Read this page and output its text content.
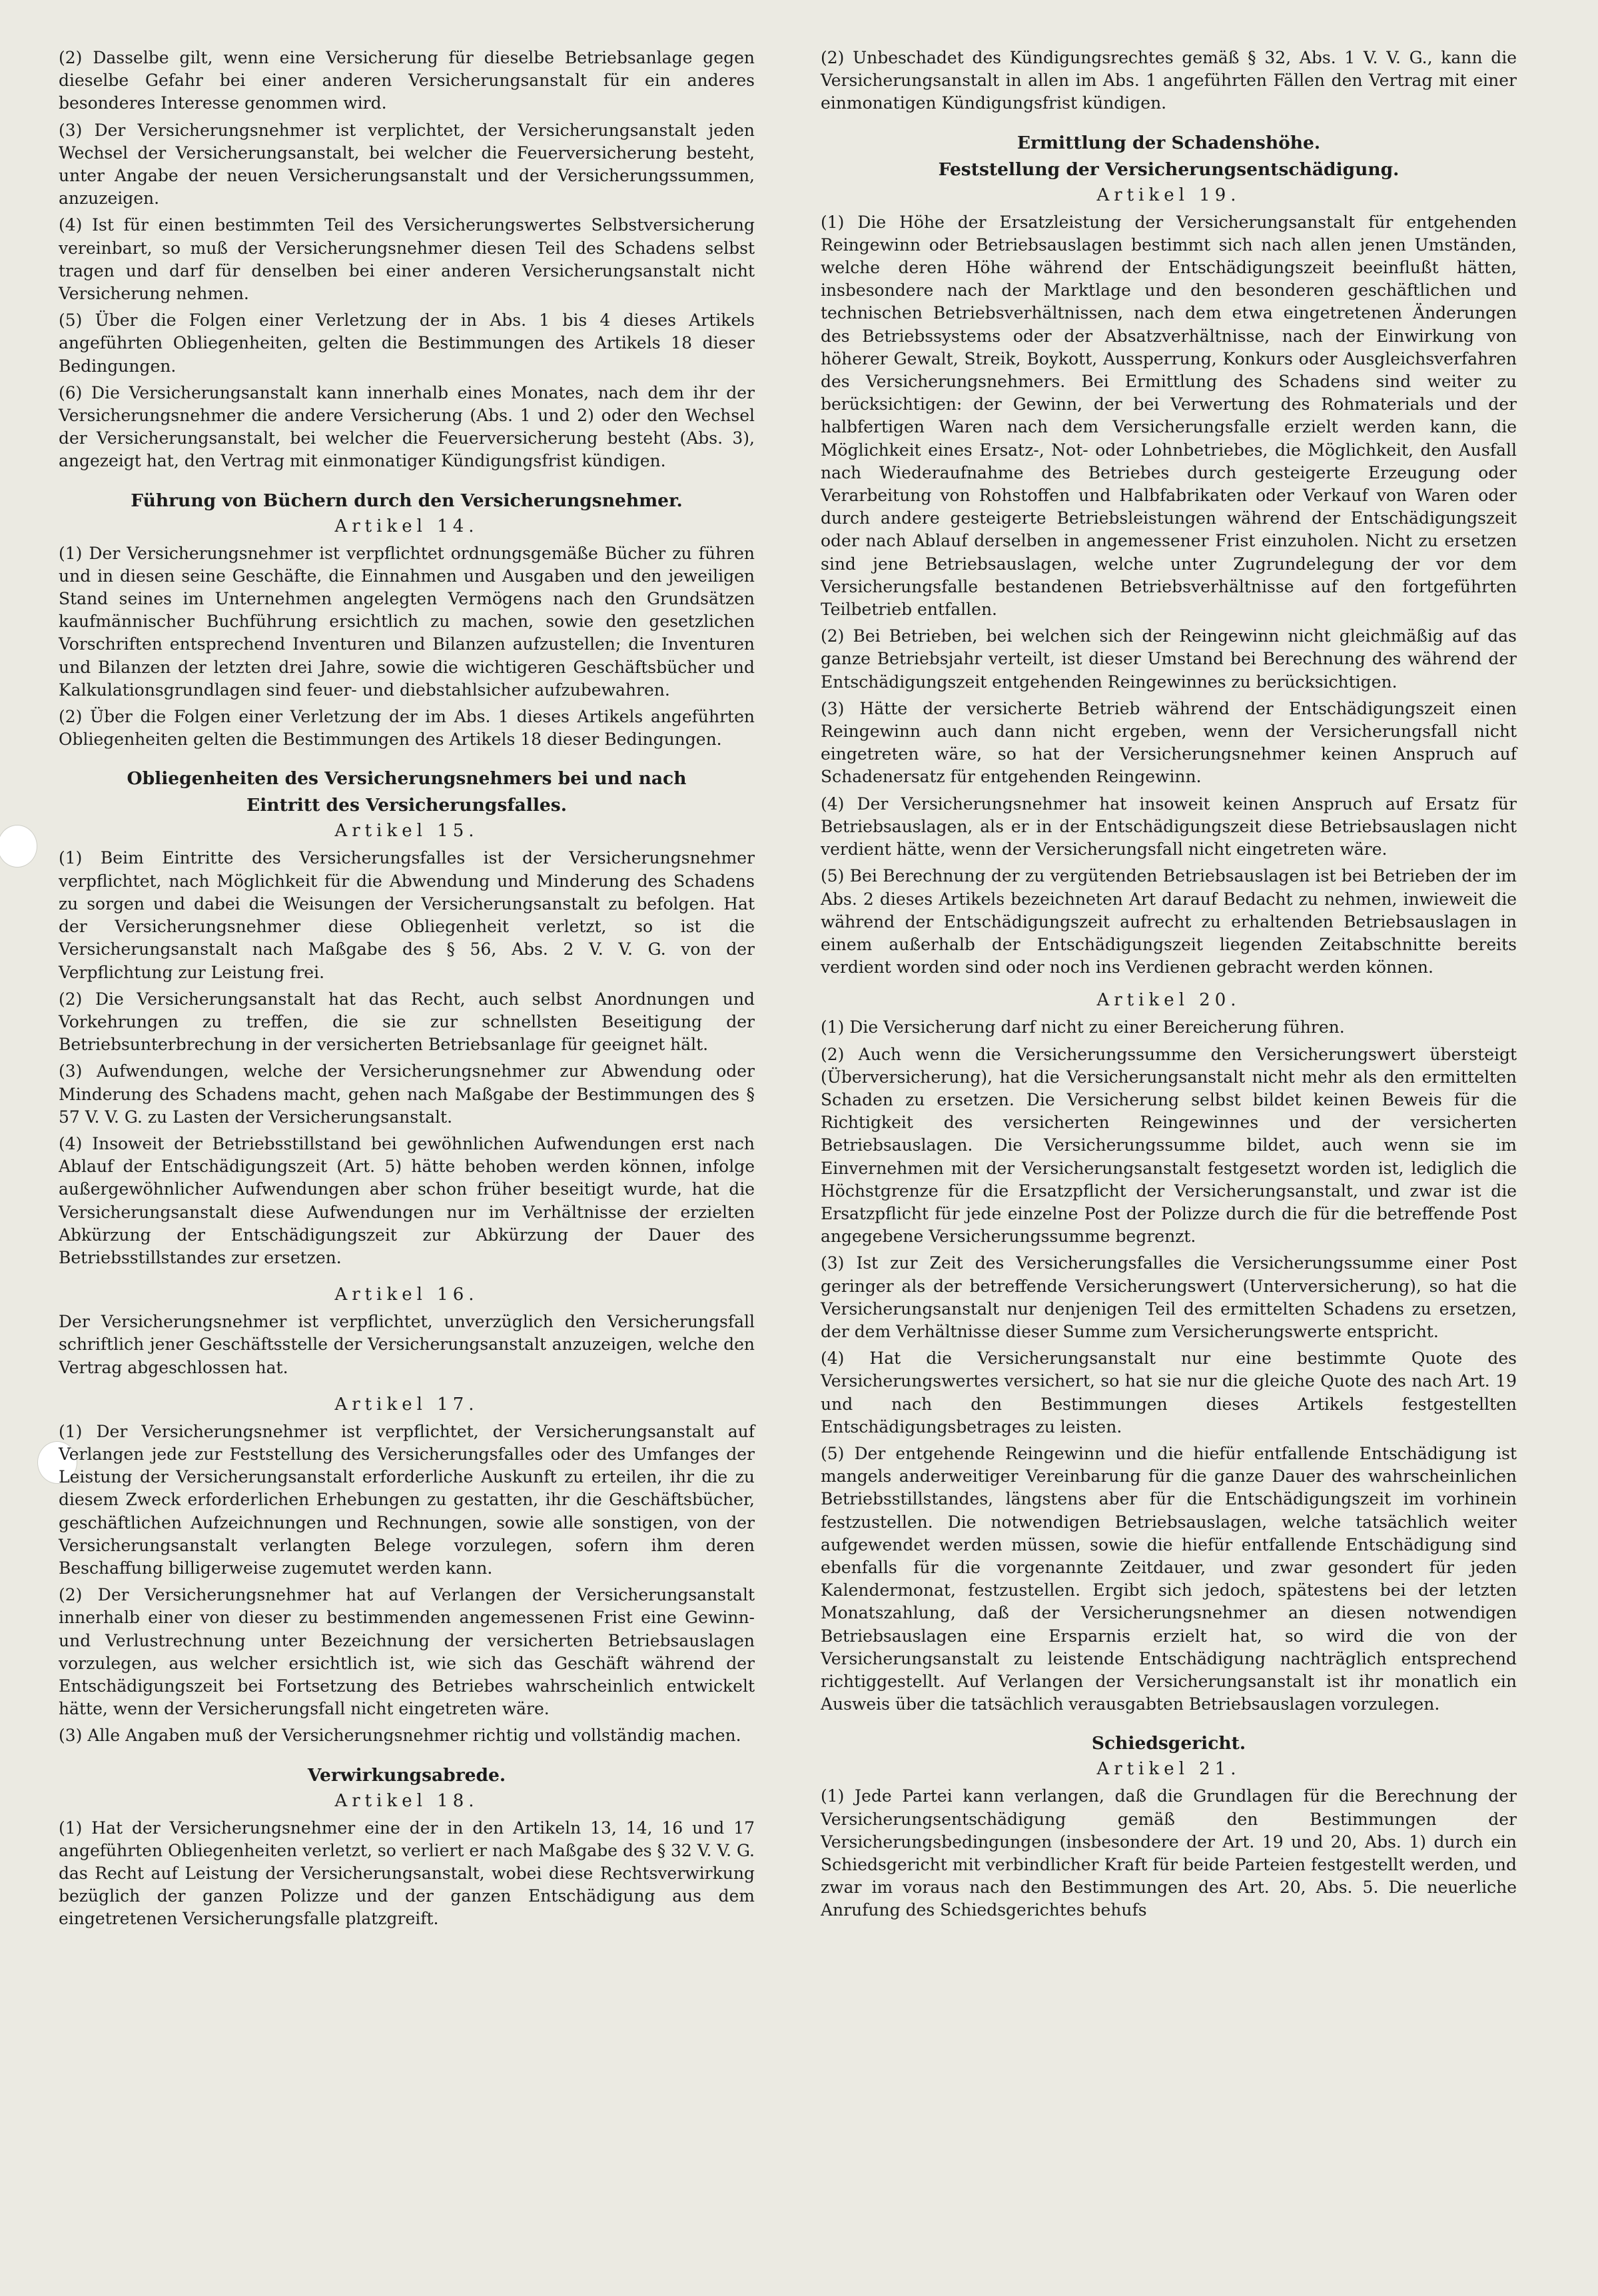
(2) Dasselbe gilt, wenn eine Versicherung für dieselbe Betriebsanlage gegen dieselbe Gefahr bei einer anderen Versicherungsanstalt für ein anderes besonderes Interesse genommen wird.

(3) Der Versicherungsnehmer ist verplichtet, der Versicherungsanstalt jeden Wechsel der Versicherungsanstalt, bei welcher die Feuerversicherung besteht, unter Angabe der neuen Versicherungsanstalt und der Versicherungssummen, anzuzeigen.

(4) Ist für einen bestimmten Teil des Versicherungswertes Selbstversicherung vereinbart, so muß der Versicherungsnehmer diesen Teil des Schadens selbst tragen und darf für denselben bei einer anderen Versicherungsanstalt nicht Versicherung nehmen.

(5) Über die Folgen einer Verletzung der in Abs. 1 bis 4 dieses Artikels angeführten Obliegenheiten, gelten die Bestimmungen des Artikels 18 dieser Bedingungen.

(6) Die Versicherungsanstalt kann innerhalb eines Monates, nach dem ihr der Versicherungsnehmer die andere Versicherung (Abs. 1 und 2) oder den Wechsel der Versicherungsanstalt, bei welcher die Feuerversicherung besteht (Abs. 3), angezeigt hat, den Vertrag mit einmonatiger Kündigungsfrist kündigen.

Führung von Büchern durch den Versicherungsnehmer.
Artikel 14.

(1) Der Versicherungsnehmer ist verpflichtet ordnungsgemäße Bücher zu führen und in diesen seine Geschäfte, die Einnahmen und Ausgaben und den jeweiligen Stand seines im Unternehmen angelegten Vermögens nach den Grundsätzen kaufmännischer Buchführung ersichtlich zu machen, sowie den gesetzlichen Vorschriften entsprechend Inventuren und Bilanzen aufzustellen; die Inventuren und Bilanzen der letzten drei Jahre, sowie die wichtigeren Geschäftsbücher und Kalkulationsgrundlagen sind feuer- und diebstahlsicher aufzubewahren.

(2) Über die Folgen einer Verletzung der im Abs. 1 dieses Artikels angeführten Obliegenheiten gelten die Bestimmungen des Artikels 18 dieser Bedingungen.

Obliegenheiten des Versicherungsnehmers bei und nach
Eintritt des Versicherungsfalles.
Artikel 15.

(1) Beim Eintritte des Versicherungsfalles ist der Versicherungsnehmer verpflichtet, nach Möglichkeit für die Abwendung und Minderung des Schadens zu sorgen und dabei die Weisungen der Versicherungsanstalt zu befolgen. Hat der Versicherungsnehmer diese Obliegenheit verletzt, so ist die Versicherungsanstalt nach Maßgabe des § 56, Abs. 2 V. V. G. von der Verpflichtung zur Leistung frei.

(2) Die Versicherungsanstalt hat das Recht, auch selbst Anordnungen und Vorkehrungen zu treffen, die sie zur schnellsten Beseitigung der Betriebsunterbrechung in der versicherten Betriebsanlage für geeignet hält.

(3) Aufwendungen, welche der Versicherungsnehmer zur Abwendung oder Minderung des Schadens macht, gehen nach Maßgabe der Bestimmungen des § 57 V. V. G. zu Lasten der Versicherungsanstalt.

(4) Insoweit der Betriebsstillstand bei gewöhnlichen Aufwendungen erst nach Ablauf der Entschädigungszeit (Art. 5) hätte behoben werden können, infolge außergewöhnlicher Aufwendungen aber schon früher beseitigt wurde, hat die Versicherungsanstalt diese Aufwendungen nur im Verhältnisse der erzielten Abkürzung der Entschädigungszeit zur Abkürzung der Dauer des Betriebsstillstandes zur ersetzen.

Artikel 16.

Der Versicherungsnehmer ist verpflichtet, unverzüglich den Versicherungsfall schriftlich jener Geschäftsstelle der Versicherungsanstalt anzuzeigen, welche den Vertrag abgeschlossen hat.

Artikel 17.

(1) Der Versicherungsnehmer ist verpflichtet, der Versicherungsanstalt auf Verlangen jede zur Feststellung des Versicherungsfalles oder des Umfanges der Leistung der Versicherungsanstalt erforderliche Auskunft zu erteilen, ihr die zu diesem Zweck erforderlichen Erhebungen zu gestatten, ihr die Geschäftsbücher, geschäftlichen Aufzeichnungen und Rechnungen, sowie alle sonstigen, von der Versicherungsanstalt verlangten Belege vorzulegen, sofern ihm deren Beschaffung billigerweise zugemutet werden kann.

(2) Der Versicherungsnehmer hat auf Verlangen der Versicherungsanstalt innerhalb einer von dieser zu bestimmenden angemessenen Frist eine Gewinn- und Verlustrechnung unter Bezeichnung der versicherten Betriebsauslagen vorzulegen, aus welcher ersichtlich ist, wie sich das Geschäft während der Entschädigungszeit bei Fortsetzung des Betriebes wahrscheinlich entwickelt hätte, wenn der Versicherungsfall nicht eingetreten wäre.

(3) Alle Angaben muß der Versicherungsnehmer richtig und vollständig machen.

Verwirkungsabrede.
Artikel 18.

(1) Hat der Versicherungsnehmer eine der in den Artikeln 13, 14, 16 und 17 angeführten Obliegenheiten verletzt, so verliert er nach Maßgabe des § 32 V. V. G. das Recht auf Leistung der Versicherungsanstalt, wobei diese Rechtsverwirkung bezüglich der ganzen Polizze und der ganzen Entschädigung aus dem eingetretenen Versicherungsfalle platzgreift.

(2) Unbeschadet des Kündigungsrechtes gemäß § 32, Abs. 1 V. V. G., kann die Versicherungsanstalt in allen im Abs. 1 angeführten Fällen den Vertrag mit einer einmonatigen Kündigungsfrist kündigen.

Ermittlung der Schadenshöhe.
Feststellung der Versicherungsentschädigung.
Artikel 19.

(1) Die Höhe der Ersatzleistung der Versicherungsanstalt für entgehenden Reingewinn oder Betriebsauslagen bestimmt sich nach allen jenen Umständen, welche deren Höhe während der Entschädigungszeit beeinflußt hätten, insbesondere nach der Marktlage und den besonderen geschäftlichen und technischen Betriebsverhältnissen, nach dem etwa eingetretenen Änderungen des Betriebssystems oder der Absatzverhältnisse, nach der Einwirkung von höherer Gewalt, Streik, Boykott, Aussperrung, Konkurs oder Ausgleichsverfahren des Versicherungsnehmers. Bei Ermittlung des Schadens sind weiter zu berücksichtigen: der Gewinn, der bei Verwertung des Rohmaterials und der halbfertigen Waren nach dem Versicherungsfalle erzielt werden kann, die Möglichkeit eines Ersatz-, Not- oder Lohnbetriebes, die Möglichkeit, den Ausfall nach Wiederaufnahme des Betriebes durch gesteigerte Erzeugung oder Verarbeitung von Rohstoffen und Halbfabrikaten oder Verkauf von Waren oder durch andere gesteigerte Betriebsleistungen während der Entschädigungszeit oder nach Ablauf derselben in angemessener Frist einzuholen. Nicht zu ersetzen sind jene Betriebsauslagen, welche unter Zugrundelegung der vor dem Versicherungsfalle bestandenen Betriebsverhältnisse auf den fortgeführten Teilbetrieb entfallen.

(2) Bei Betrieben, bei welchen sich der Reingewinn nicht gleichmäßig auf das ganze Betriebsjahr verteilt, ist dieser Umstand bei Berechnung des während der Entschädigungszeit entgehenden Reingewinnes zu berücksichtigen.

(3) Hätte der versicherte Betrieb während der Entschädigungszeit einen Reingewinn auch dann nicht ergeben, wenn der Versicherungsfall nicht eingetreten wäre, so hat der Versicherungsnehmer keinen Anspruch auf Schadenersatz für entgehenden Reingewinn.

(4) Der Versicherungsnehmer hat insoweit keinen Anspruch auf Ersatz für Betriebsauslagen, als er in der Entschädigungszeit diese Betriebsauslagen nicht verdient hätte, wenn der Versicherungsfall nicht eingetreten wäre.

(5) Bei Berechnung der zu vergütenden Betriebsauslagen ist bei Betrieben der im Abs. 2 dieses Artikels bezeichneten Art darauf Bedacht zu nehmen, inwieweit die während der Entschädigungszeit aufrecht zu erhaltenden Betriebsauslagen in einem außerhalb der Entschädigungszeit liegenden Zeitabschnitte bereits verdient worden sind oder noch ins Verdienen gebracht werden können.

Artikel 20.

(1) Die Versicherung darf nicht zu einer Bereicherung führen.

(2) Auch wenn die Versicherungssumme den Versicherungswert übersteigt (Überversicherung), hat die Versicherungsanstalt nicht mehr als den ermittelten Schaden zu ersetzen. Die Versicherung selbst bildet keinen Beweis für die Richtigkeit des versicherten Reingewinnes und der versicherten Betriebsauslagen. Die Versicherungssumme bildet, auch wenn sie im Einvernehmen mit der Versicherungsanstalt festgesetzt worden ist, lediglich die Höchstgrenze für die Ersatzpflicht der Versicherungsanstalt, und zwar ist die Ersatzpflicht für jede einzelne Post der Polizze durch die für die betreffende Post angegebene Versicherungssumme begrenzt.

(3) Ist zur Zeit des Versicherungsfalles die Versicherungssumme einer Post geringer als der betreffende Versicherungswert (Unterversicherung), so hat die Versicherungsanstalt nur denjenigen Teil des ermittelten Schadens zu ersetzen, der dem Verhältnisse dieser Summe zum Versicherungswerte entspricht.

(4) Hat die Versicherungsanstalt nur eine bestimmte Quote des Versicherungswertes versichert, so hat sie nur die gleiche Quote des nach Art. 19 und nach den Bestimmungen dieses Artikels festgestellten Entschädigungsbetrages zu leisten.

(5) Der entgehende Reingewinn und die hiefür entfallende Entschädigung ist mangels anderweitiger Vereinbarung für die ganze Dauer des wahrscheinlichen Betriebsstillstandes, längstens aber für die Entschädigungszeit im vorhinein festzustellen. Die notwendigen Betriebsauslagen, welche tatsächlich weiter aufgewendet werden müssen, sowie die hiefür entfallende Entschädigung sind ebenfalls für die vorgenannte Zeitdauer, und zwar gesondert für jeden Kalendermonat, festzustellen. Ergibt sich jedoch, spätestens bei der letzten Monatszahlung, daß der Versicherungsnehmer an diesen notwendigen Betriebsauslagen eine Ersparnis erzielt hat, so wird die von der Versicherungsanstalt zu leistende Entschädigung nachträglich entsprechend richtiggestellt. Auf Verlangen der Versicherungsanstalt ist ihr monatlich ein Ausweis über die tatsächlich verausgabten Betriebsauslagen vorzulegen.

Schiedsgericht.
Artikel 21.

(1) Jede Partei kann verlangen, daß die Grundlagen für die Berechnung der Versicherungsentschädigung gemäß den Bestimmungen der Versicherungsbedingungen (insbesondere der Art. 19 und 20, Abs. 1) durch ein Schiedsgericht mit verbindlicher Kraft für beide Parteien festgestellt werden, und zwar im voraus nach den Bestimmungen des Art. 20, Abs. 5. Die neuerliche Anrufung des Schiedsgerichtes behufs
